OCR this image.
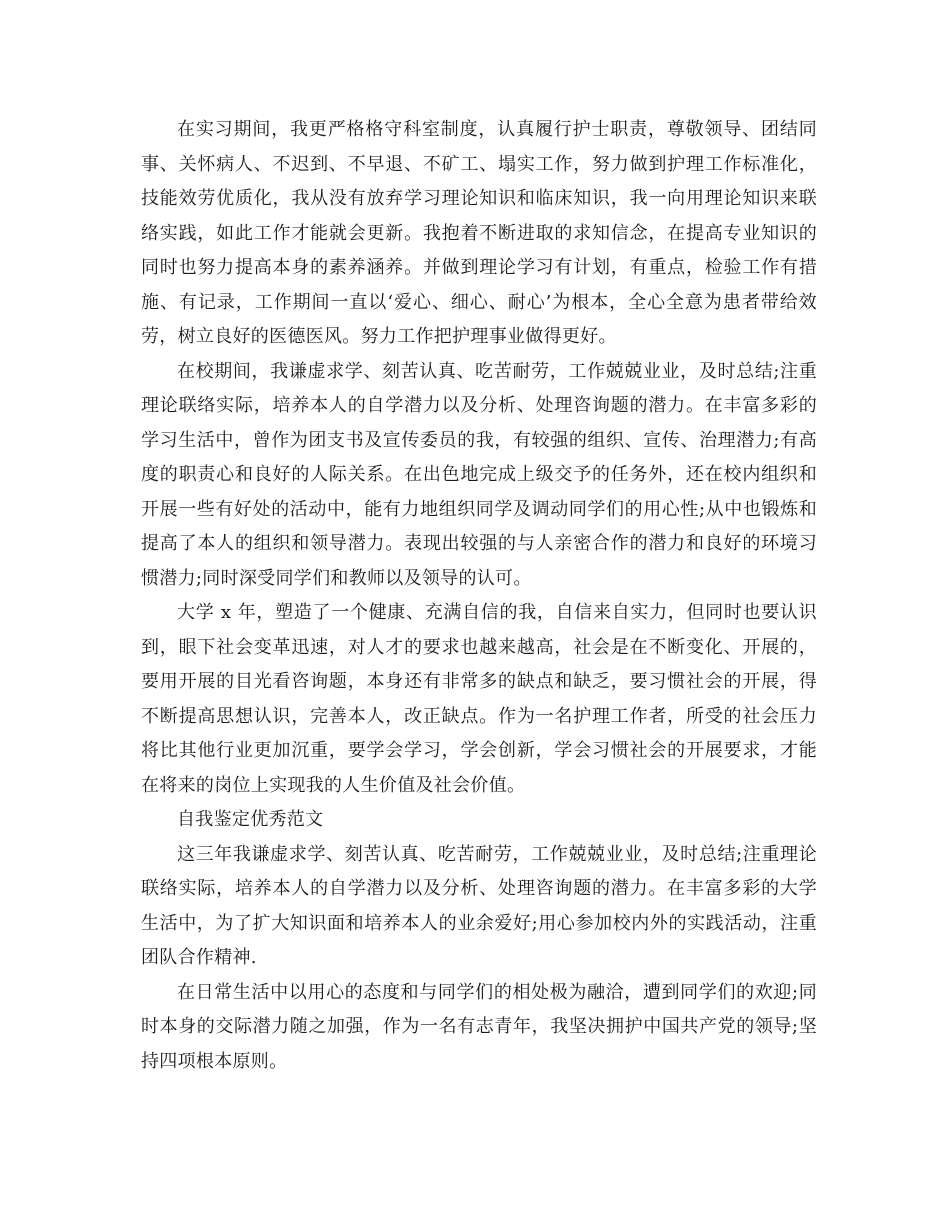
在实习期间，我更严格格守科室制度，认真履行护士职责，尊敬领导、团结同事、关怀病人、不迟到、不早退、不矿工、塌实工作，努力做到护理工作标准化，技能效劳优质化，我从没有放弃学习理论知识和临床知识，我一向用理论知识来联络实践，如此工作才能就会更新。我抱着不断进取的求知信念，在提高专业知识的同时也努力提高本身的素养涵养。并做到理论学习有计划，有重点，检验工作有措施、有记录，工作期间一直以‘爱心、细心、耐心’为根本，全心全意为患者带给效劳，树立良好的医德医风。努力工作把护理事业做得更好。

在校期间，我谦虚求学、刻苦认真、吃苦耐劳，工作兢兢业业，及时总结;注重理论联络实际，培养本人的自学潜力以及分析、处理咨询题的潜力。在丰富多彩的学习生活中，曾作为团支书及宣传委员的我，有较强的组织、宣传、治理潜力;有高度的职责心和良好的人际关系。在出色地完成上级交予的任务外，还在校内组织和开展一些有好处的活动中，能有力地组织同学及调动同学们的用心性;从中也锻炼和提高了本人的组织和领导潜力。表现出较强的与人亲密合作的潜力和良好的环境习惯潜力;同时深受同学们和教师以及领导的认可。

大学 x 年，塑造了一个健康、充满自信的我，自信来自实力，但同时也要认识到，眼下社会变革迅速，对人才的要求也越来越高，社会是在不断变化、开展的，要用开展的目光看咨询题，本身还有非常多的缺点和缺乏，要习惯社会的开展，得不断提高思想认识，完善本人，改正缺点。作为一名护理工作者，所受的社会压力将比其他行业更加沉重，要学会学习，学会创新，学会习惯社会的开展要求，才能在将来的岗位上实现我的人生价值及社会价值。

自我鉴定优秀范文

这三年我谦虚求学、刻苦认真、吃苦耐劳，工作兢兢业业，及时总结;注重理论联络实际，培养本人的自学潜力以及分析、处理咨询题的潜力。在丰富多彩的大学生活中，为了扩大知识面和培养本人的业余爱好;用心参加校内外的实践活动，注重团队合作精神.

在日常生活中以用心的态度和与同学们的相处极为融洽，遭到同学们的欢迎;同时本身的交际潜力随之加强，作为一名有志青年，我坚决拥护中国共产党的领导;坚持四项根本原则。
